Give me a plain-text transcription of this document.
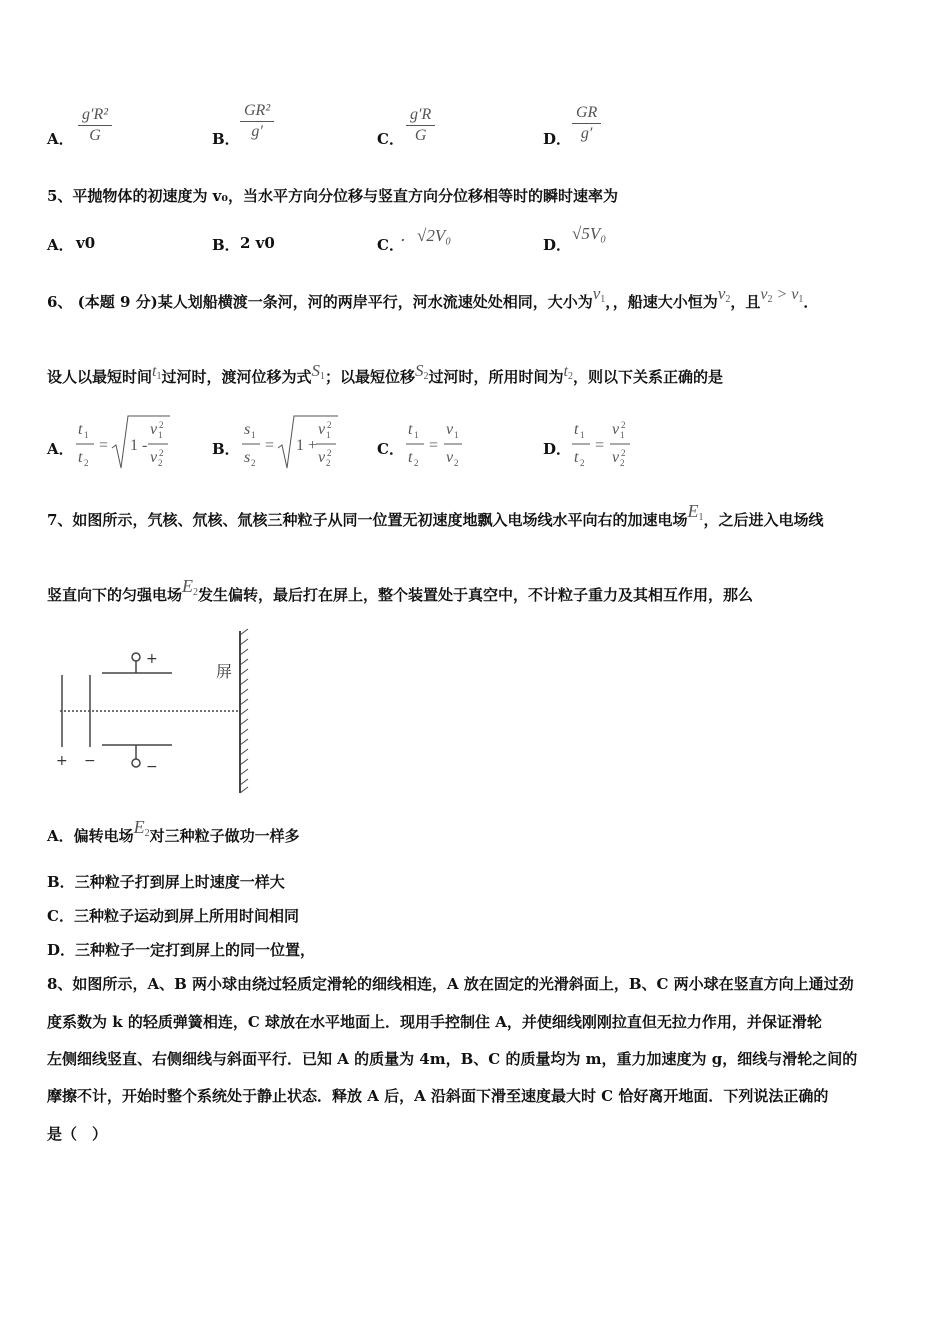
A．
g′R²
G	B．
GR²
g′	C．
g′R
G	D．
GR
g′
5、平抛物体的初速度为 v₀，当水平方向分位移与竖直方向分位移相等时的瞬时速率为
A． v0	B． 2 v0	C．
．√2V₀	D．
√5V₀
6、 (本题 9 分)某人划船横渡一条河，河的两岸平行，河水流速处处相同，大小为$v_1$，，船速大小恒为$v_2$，且$v_2 > v_1$．
设人以最短时间$t_1$过河时，渡河位移为式$S_1$；以最短位移$S_2$过河时，所用时间为$t_2$，则以下关系正确的是
A．
t 1
t 2
= 1 -
v 1
2
v 2
2	B．
s 1
s 2
= 1 +
v 1
2
v 2
2	C．
t 1
t 2
=
v 1
v 2
D．
t 1
t 2
=
v 1
2
v 2
2
7、如图所示，氕核、氘核、氚核三种粒子从同一位置无初速度地飘入电场线水平向右的加速电场$E_1$，之后进入电场线
竖直向下的匀强电场$E_2$发生偏转，最后打在屏上，整个装置处于真空中，不计粒子重力及其相互作用，那么
+
−
+ −
屏
A．偏转电场$E_2$对三种粒子做功一样多
B．三种粒子打到屏上时速度一样大
C．三种粒子运动到屏上所用时间相同
D．三种粒子一定打到屏上的同一位置，
8、如图所示，A、B 两小球由绕过轻质定滑轮的细线相连，A 放在固定的光滑斜面上，B、C 两小球在竖直方向上通过劲
度系数为 k 的轻质弹簧相连，C 球放在水平地面上．现用手控制住 A，并使细线刚刚拉直但无拉力作用，并保证滑轮
左侧细线竖直、右侧细线与斜面平行．已知 A 的质量为 4m，B、C 的质量均为 m，重力加速度为 g，细线与滑轮之间的
摩擦不计，开始时整个系统处于静止状态．释放 A 后，A 沿斜面下滑至速度最大时 C 恰好离开地面．下列说法正确的
是（　）
